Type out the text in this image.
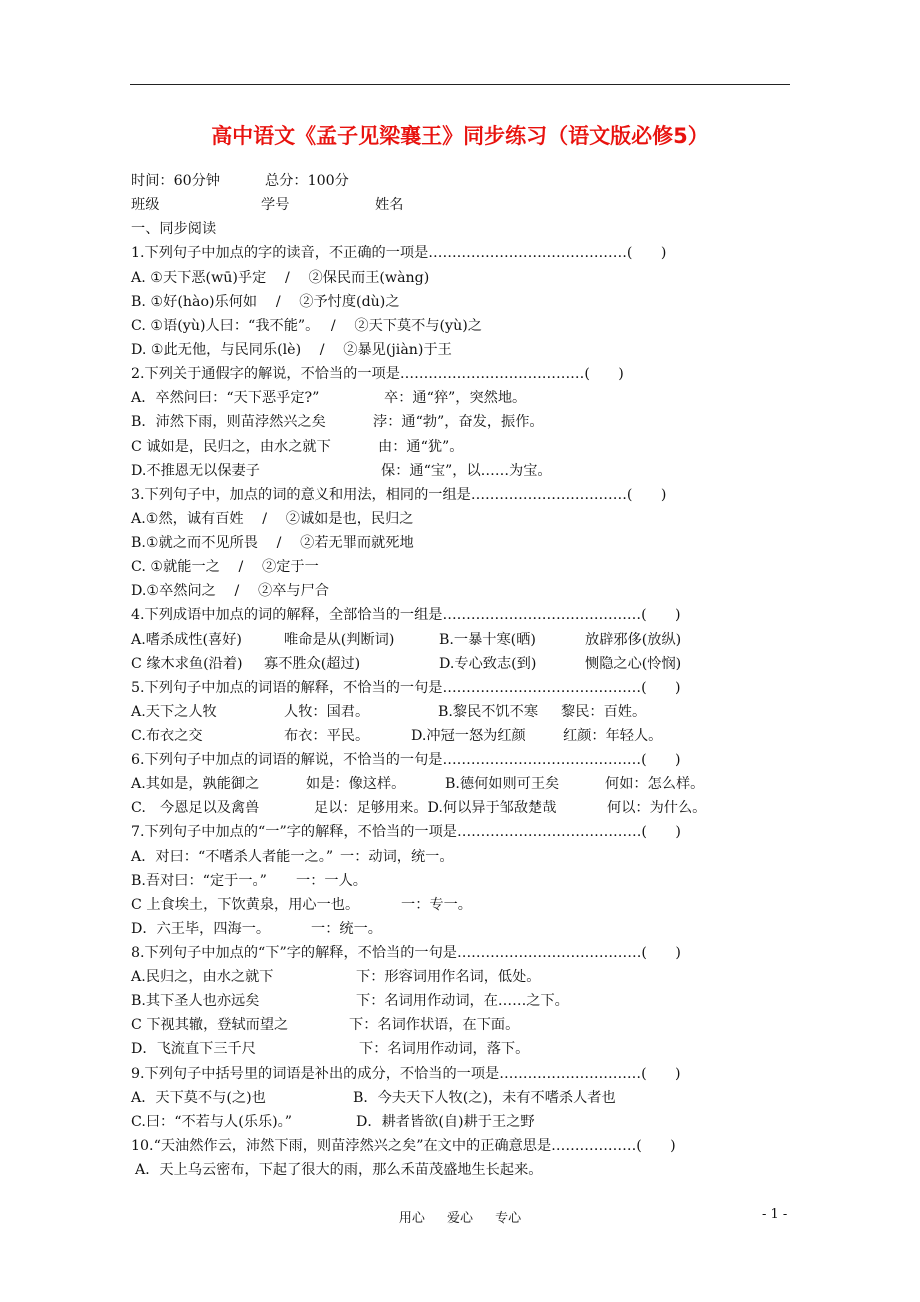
高中语文《孟子见梁襄王》同步练习（语文版必修5）
时间：60分钟	总分：100分
班级	学号	姓名
一、同步阅读
1.下列句子中加点的字的读音，不正确的一项是……………………………………(　　)
A. ①天下恶(wū)乎定　 /　 ②保民而王(wàng)
B. ①好(hào)乐何如　 /　 ②予忖度(dù)之
C. ①语(yù)人曰：“我不能”。　 /　 ②天下莫不与(yù)之
D. ①此无他，与民同乐(lè)　 /　 ②暴见(jiàn)于王
2.下列关于通假字的解说，不恰当的一项是…………………………………(　　)
A．卒然问曰：“天下恶乎定?”	卒：通“猝”，突然地。
B．沛然下雨，则苗浡然兴之矣	浡：通“勃”，奋发，振作。
C 诚如是，民归之，由水之就下	由：通“犹”。
D.不推恩无以保妻子	保：通“宝”，以……为宝。
3.下列句子中，加点的词的意义和用法，相同的一组是……………………………(　　)
A.①然，诚有百姓　 /　 ②诚如是也，民归之
B.①就之而不见所畏　 /　 ②若无罪而就死地
C. ①就能一之　 /　 ②定于一
D.①卒然问之　 /　 ②卒与尸合
4.下列成语中加点的词的解释，全部恰当的一组是……………………………………(　　)
A.嗜杀成性(喜好)	唯命是从(判断词)	B.一暴十寒(晒)	放辟邪侈(放纵)
C 缘木求鱼(沿着) 寡不胜众(超过)	D.专心致志(到)	恻隐之心(怜悯)
5.下列句子中加点的词语的解释，不恰当的一句是……………………………………(　　)
A.天下之人牧	人牧：国君。	B.黎民不饥不寒 黎民：百姓。
C.布衣之交	布衣：平民。	D.冲冠一怒为红颜	红颜：年轻人。
6.下列句子中加点的词语的解说，不恰当的一句是……………………………………(　　)
A.其如是，孰能御之	如是：像这样。	B.德何如则可王矣	何如：怎么样。
C.　今恩足以及禽兽	足以：足够用来。D.何以异于邹敌楚哉	何以：为什么。
7.下列句子中加点的“一”字的解释，不恰当的一项是…………………………………(　　)
A．对曰：“不嗜杀人者能一之。” 一：动词，统一。
B.吾对曰：“定于一。” 一：一人。
C 上食埃土，下饮黄泉，用心一也。	一：专一。
D．六王毕，四海一。	一：统一。
8.下列句子中加点的“下”字的解释，不恰当的一句是…………………………………(　　)
A.民归之，由水之就下	下：形容词用作名词，低处。
B.其下圣人也亦远矣	下：名词用作动词，在……之下。
C 下视其辙，登轼而望之	下：名词作状语，在下面。
D．飞流直下三千尺	下：名词用作动词，落下。
9.下列句子中括号里的词语是补出的成分，不恰当的一项是…………………………(　　)
A．天下莫不与(之)也	B．今夫天下人牧(之)，未有不嗜杀人者也
C.曰：“不若与人(乐乐)。”	D．耕者皆欲(自)耕于王之野
10.“天油然作云，沛然下雨，则苗浡然兴之矣”在文中的正确意思是………………(　　)
A．天上乌云密布，下起了很大的雨，那么禾苗茂盛地生长起来。
用心 爱心 专心	- 1 -
